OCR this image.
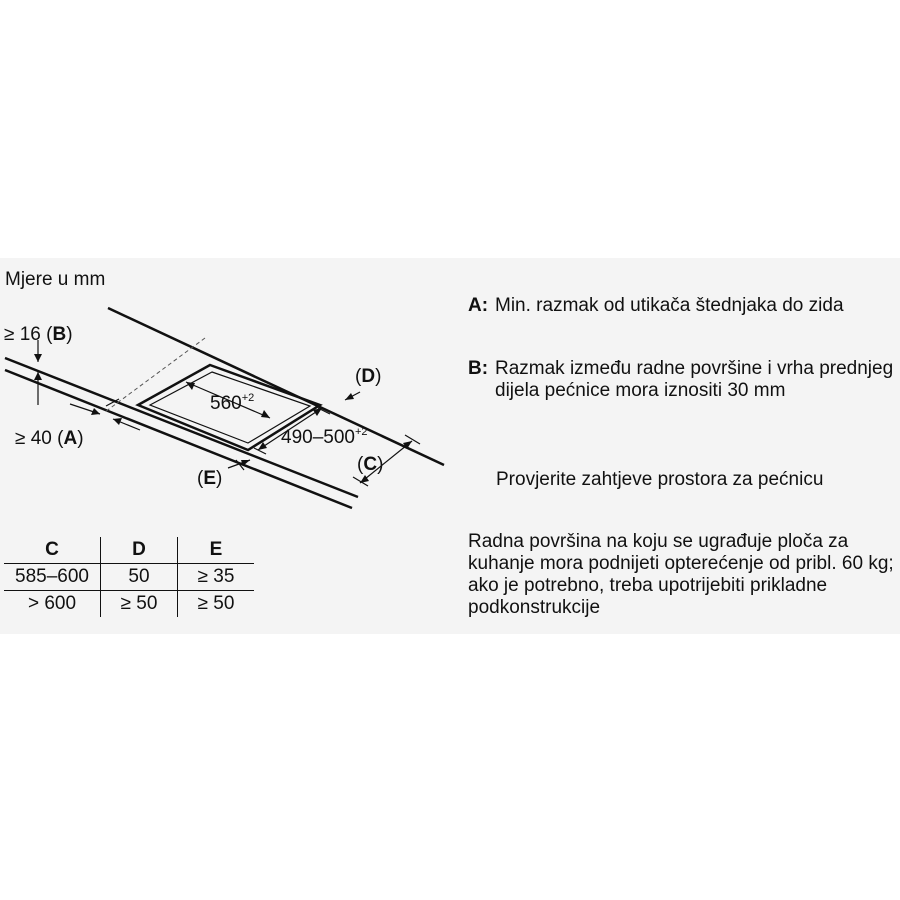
Mjere u mm
≥ 16 (B)
≥ 40 (A)
(D)
(C)
(E)
$560^{+2}$
$490-500^{+2}$
C	D	E
585–600	50	≥ 35
> 600	≥ 50	≥ 50
A: Min. razmak od utikača štednjaka do zida
B: Razmak između radne površine i vrha prednjeg dijela pećnice mora iznositi 30 mm
Provjerite zahtjeve prostora za pećnicu
Radna površina na koju se ugrađuje ploča za kuhanje mora podnijeti opterećenje od pribl. 60 kg; ako je potrebno, treba upotrijebiti prikladne podkonstrukcije
